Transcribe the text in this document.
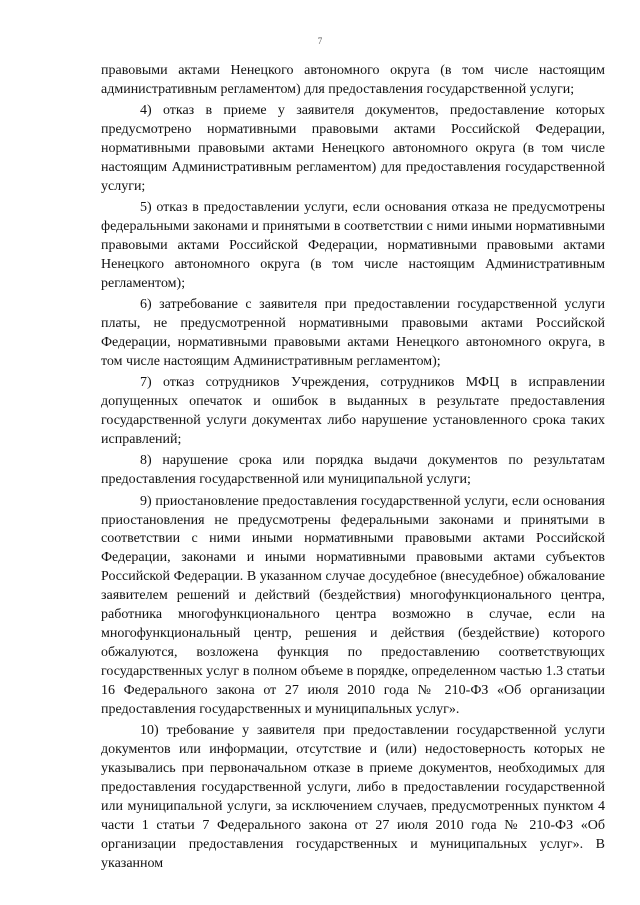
7

правовыми актами Ненецкого автономного округа (в том числе настоящим административным регламентом) для предоставления государственной услуги;

4) отказ в приеме у заявителя документов, предоставление которых предусмотрено нормативными правовыми актами Российской Федерации, нормативными правовыми актами Ненецкого автономного округа (в том числе настоящим Административным регламентом) для предоставления государственной услуги;

5) отказ в предоставлении услуги, если основания отказа не предусмотрены федеральными законами и принятыми в соответствии с ними иными нормативными правовыми актами Российской Федерации, нормативными правовыми актами Ненецкого автономного округа (в том числе настоящим Административным регламентом);

6) затребование с заявителя при предоставлении государственной услуги платы, не предусмотренной нормативными правовыми актами Российской Федерации, нормативными правовыми актами Ненецкого автономного округа, в том числе настоящим Административным регламентом);

7) отказ сотрудников Учреждения, сотрудников МФЦ в исправлении допущенных опечаток и ошибок в выданных в результате предоставления государственной услуги документах либо нарушение установленного срока таких исправлений;

8) нарушение срока или порядка выдачи документов по результатам предоставления государственной или муниципальной услуги;

9) приостановление предоставления государственной услуги, если основания приостановления не предусмотрены федеральными законами и принятыми в соответствии с ними иными нормативными правовыми актами Российской Федерации, законами и иными нормативными правовыми актами субъектов Российской Федерации. В указанном случае досудебное (внесудебное) обжалование заявителем решений и действий (бездействия) многофункционального центра, работника многофункционального центра возможно в случае, если на многофункциональный центр, решения и действия (бездействие) которого обжалуются, возложена функция по предоставлению соответствующих государственных услуг в полном объеме в порядке, определенном частью 1.3 статьи 16 Федерального закона от 27 июля 2010 года № 210-ФЗ «Об организации предоставления государственных и муниципальных услуг».

10) требование у заявителя при предоставлении государственной услуги документов или информации, отсутствие и (или) недостоверность которых не указывались при первоначальном отказе в приеме документов, необходимых для предоставления государственной услуги, либо в предоставлении государственной или муниципальной услуги, за исключением случаев, предусмотренных пунктом 4 части 1 статьи 7 Федерального закона от 27 июля 2010 года № 210-ФЗ «Об организации предоставления государственных и муниципальных услуг». В указанном
